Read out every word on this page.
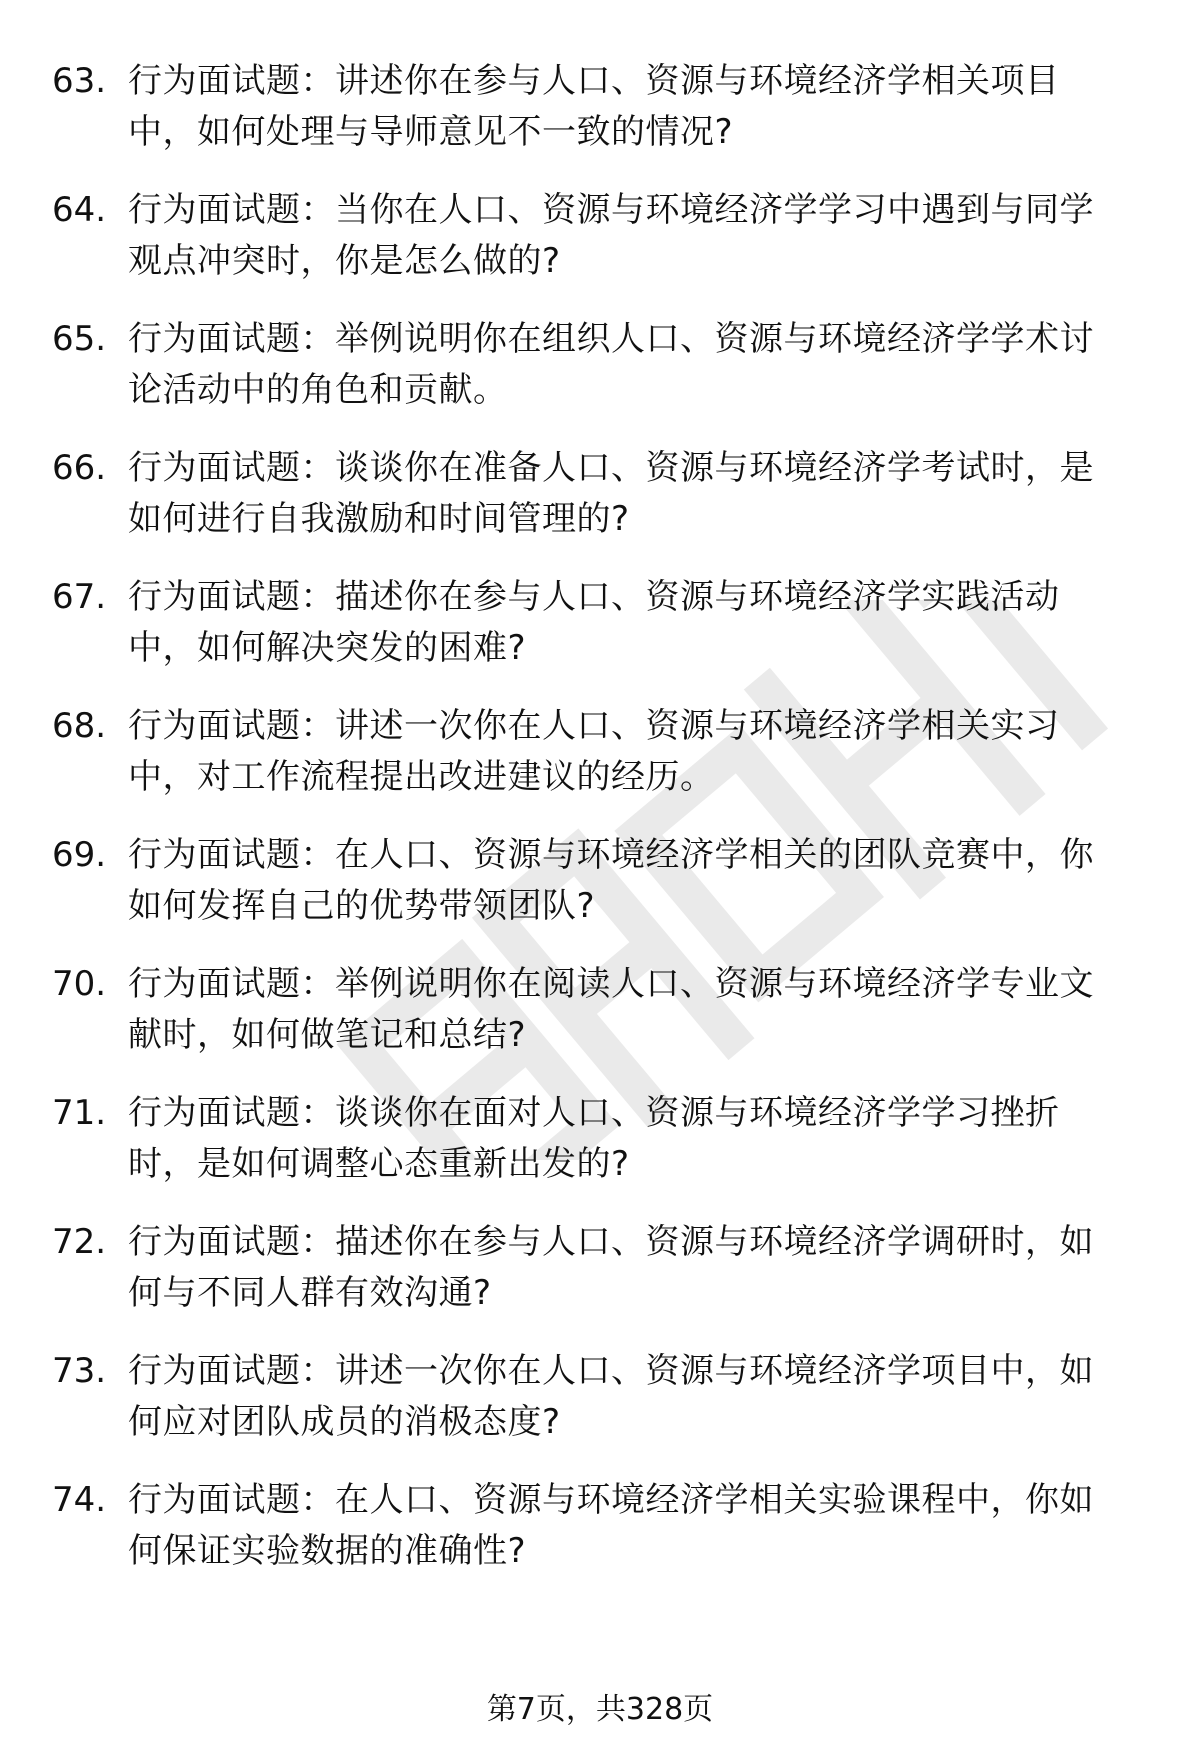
63. 行为面试题：讲述你在参与人口、资源与环境经济学相关项目中，如何处理与导师意见不一致的情况?
64. 行为面试题：当你在人口、资源与环境经济学学习中遇到与同学观点冲突时，你是怎么做的?
65. 行为面试题：举例说明你在组织人口、资源与环境经济学学术讨论活动中的角色和贡献。
66. 行为面试题：谈谈你在准备人口、资源与环境经济学考试时，是如何进行自我激励和时间管理的?
67. 行为面试题：描述你在参与人口、资源与环境经济学实践活动中，如何解决突发的困难?
68. 行为面试题：讲述一次你在人口、资源与环境经济学相关实习中，对工作流程提出改进建议的经历。
69. 行为面试题：在人口、资源与环境经济学相关的团队竞赛中，你如何发挥自己的优势带领团队?
70. 行为面试题：举例说明你在阅读人口、资源与环境经济学专业文献时，如何做笔记和总结?
71. 行为面试题：谈谈你在面对人口、资源与环境经济学学习挫折时，是如何调整心态重新出发的?
72. 行为面试题：描述你在参与人口、资源与环境经济学调研时，如何与不同人群有效沟通?
73. 行为面试题：讲述一次你在人口、资源与环境经济学项目中，如何应对团队成员的消极态度?
74. 行为面试题：在人口、资源与环境经济学相关实验课程中，你如何保证实验数据的准确性?
第7页，共328页
